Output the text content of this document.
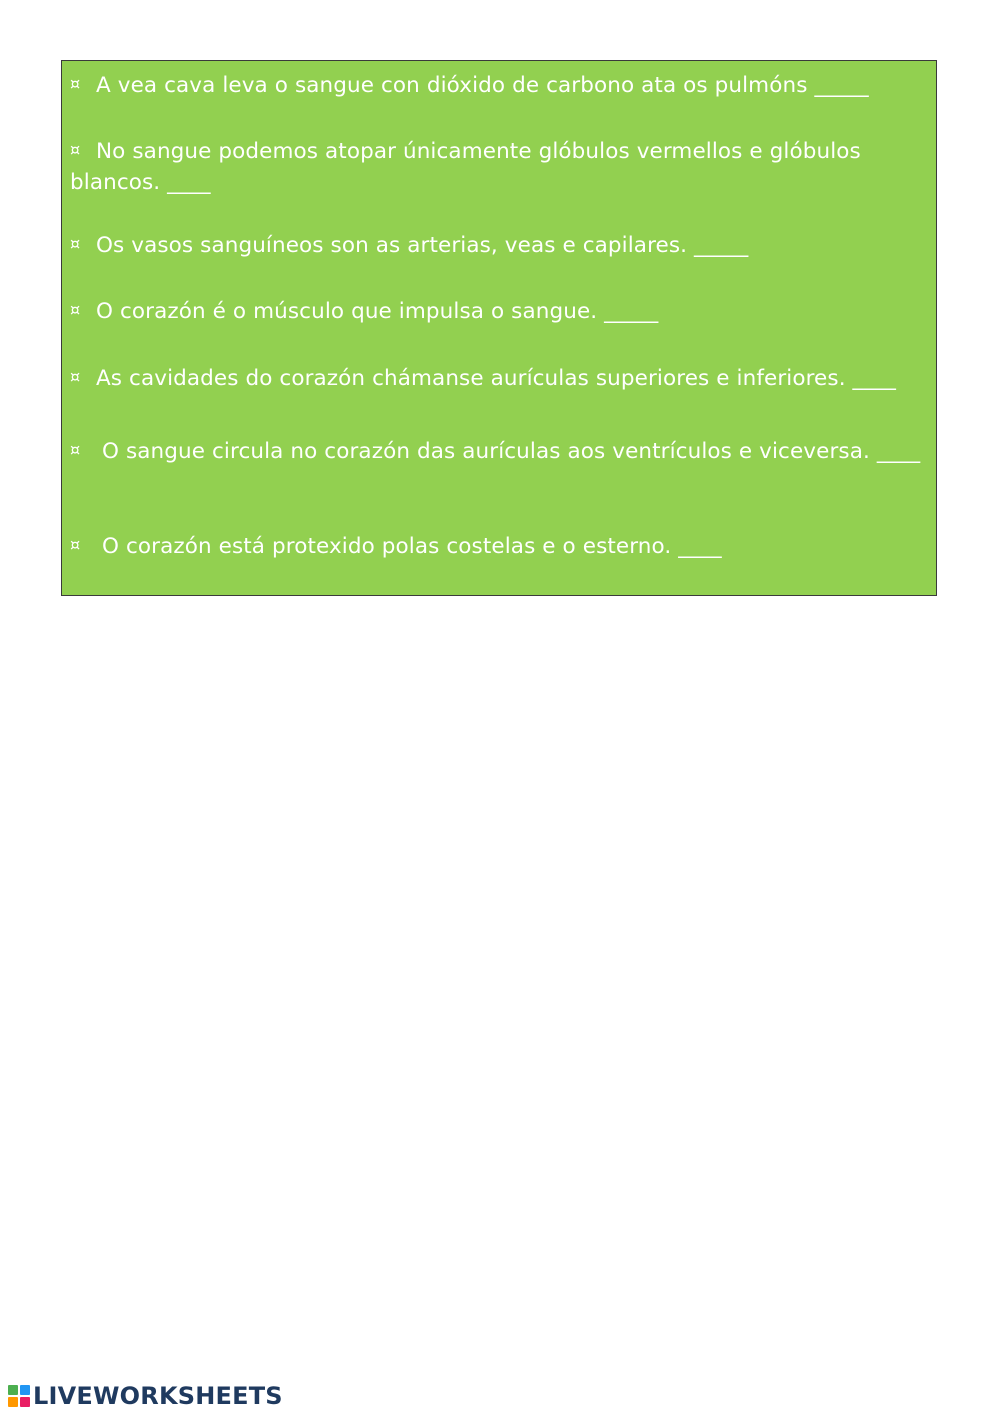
¤ A vea cava leva o sangue con dióxido de carbono ata os pulmóns _____
¤ No sangue podemos atopar únicamente glóbulos vermellos e glóbulos blancos. ____
¤ Os vasos sanguíneos son as arterias, veas e capilares. _____
¤ O corazón é o músculo que impulsa o sangue. _____
¤ As cavidades do corazón chámanse aurículas superiores e inferiores. ____
¤ O sangue circula no corazón das aurículas aos ventrículos e viceversa. ____
¤ O corazón está protexido polas costelas e o esterno. ____
LIVEWORKSHEETS
